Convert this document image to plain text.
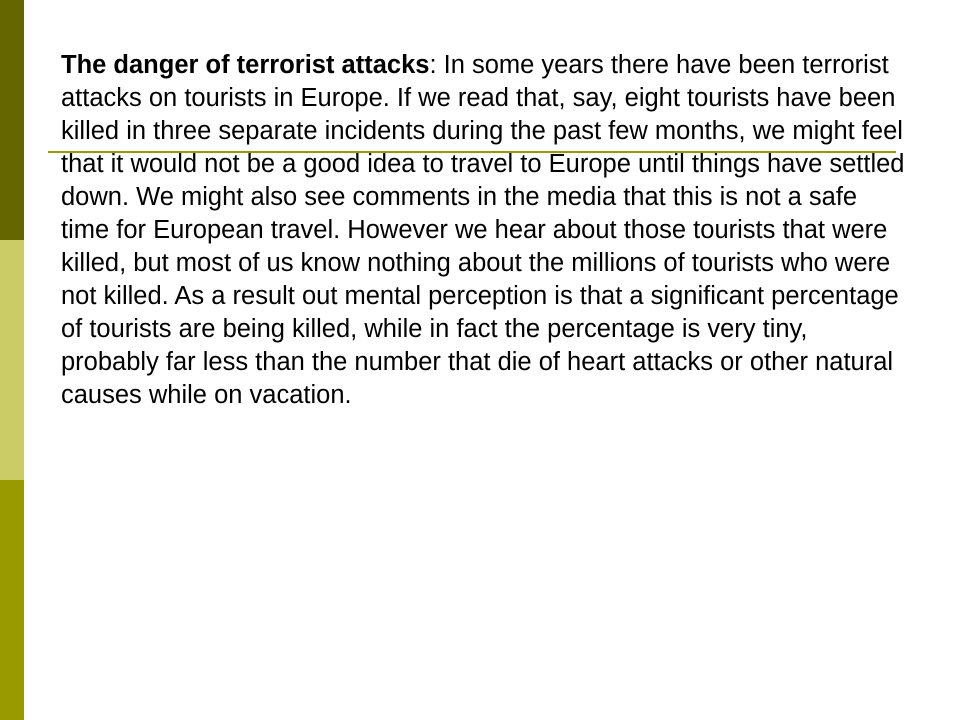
The danger of terrorist attacks: In some years there have been terrorist attacks on tourists in Europe. If we read that, say, eight tourists have been killed in three separate incidents during the past few months, we might feel that it would not be a good idea to travel to Europe until things have settled down. We might also see comments in the media that this is not a safe time for European travel. However we hear about those tourists that were killed, but most of us know nothing about the millions of tourists who were not killed. As a result out mental perception is that a significant percentage of tourists are being killed, while in fact the percentage is very tiny, probably far less than the number that die of heart attacks or other natural causes while on vacation.
